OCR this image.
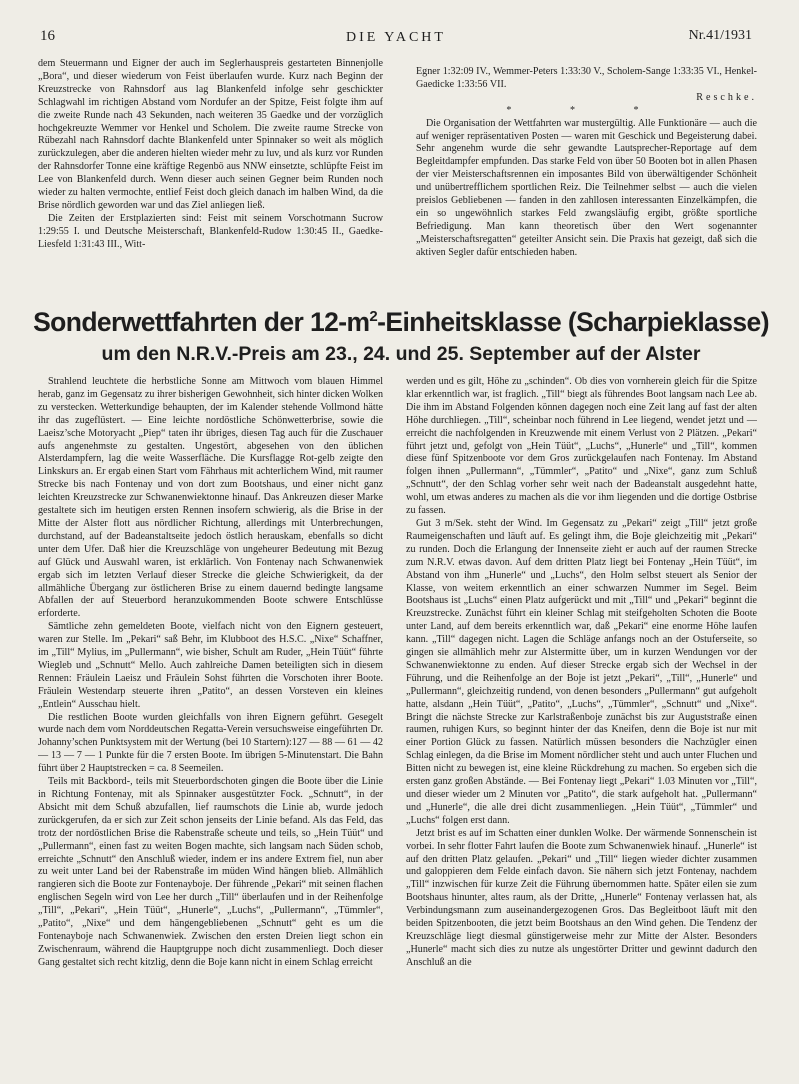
16	DIE YACHT	Nr.41/1931

dem Steuermann und Eigner der auch im Seglerhauspreis gestarteten Binnenjolle „Bora“, und dieser wiederum von Feist überlaufen wurde. Kurz nach Beginn der Kreuzstrecke von Rahnsdorf aus lag Blankenfeld infolge sehr geschickter Schlagwahl im richtigen Abstand vom Nordufer an der Spitze, Feist folgte ihm auf die zweite Runde nach 43 Sekunden, nach weiteren 35 Gaedke und der vorzüglich hochgekreuzte Wemmer vor Henkel und Scholem. Die zweite raume Strecke von Rübezahl nach Rahnsdorf dachte Blankenfeld unter Spinnaker so weit als möglich zurückzulegen, aber die anderen hielten wieder mehr zu luv, und als kurz vor Runden der Rahnsdorfer Tonne eine kräftige Regenbö aus NNW einsetzte, schlüpfte Feist im Lee von Blankenfeld durch. Wenn dieser auch seinen Gegner beim Runden noch wieder zu halten vermochte, entlief Feist doch gleich danach im halben Wind, da die Brise nördlich geworden war und das Ziel anliegen ließ.

Die Zeiten der Erstplazierten sind: Feist mit seinem Vorschotmann Sucrow 1:29:55 I. und Deutsche Meisterschaft, Blankenfeld-Rudow 1:30:45 II., Gaedke-Liesfeld 1:31:43 III., Witt-

Egner 1:32:09 IV., Wemmer-Peters 1:33:30 V., Scholem-Sange 1:33:35 VI., Henkel-Gaedicke 1:33:56 VII.

Reschke.

* * *

Die Organisation der Wettfahrten war mustergültig. Alle Funktionäre — auch die auf weniger repräsentativen Posten — waren mit Geschick und Begeisterung dabei. Sehr angenehm wurde die sehr gewandte Lautsprecher-Reportage auf dem Begleitdampfer empfunden. Das starke Feld von über 50 Booten bot in allen Phasen der vier Meisterschaftsrennen ein imposantes Bild von überwältigender Schönheit und unübertrefflichem sportlichen Reiz. Die Teilnehmer selbst — auch die vielen preislos Gebliebenen — fanden in den zahllosen interessanten Einzelkämpfen, die ein so ungewöhnlich starkes Feld zwangsläufig ergibt, größte sportliche Befriedigung. Man kann theoretisch über den Wert sogenannter „Meisterschaftsregatten“ geteilter Ansicht sein. Die Praxis hat gezeigt, daß sich die aktiven Segler dafür entschieden haben.

Sonderwettfahrten der $12-m^2$-Einheitsklasse (Scharpieklasse)
um den N.R.V.-Preis am 23., 24. und 25. September auf der Alster

Strahlend leuchtete die herbstliche Sonne am Mittwoch vom blauen Himmel herab, ganz im Gegensatz zu ihrer bisherigen Gewohnheit, sich hinter dicken Wolken zu verstecken. Wetterkundige behaupten, der im Kalender stehende Vollmond hätte ihr das zugeflüstert. — Eine leichte nordöstliche Schönwetterbrise, sowie die Laeisz’sche Motoryacht „Piep“ taten ihr übriges, diesen Tag auch für die Zuschauer aufs angenehmste zu gestalten. Ungestört, abgesehen von den üblichen Alsterdampfern, lag die weite Wasserfläche. Die Kursflagge Rot-gelb zeigte den Linkskurs an. Er ergab einen Start vom Fährhaus mit achterlichem Wind, mit raumer Strecke bis nach Fontenay und von dort zum Bootshaus, und einer nicht ganz leichten Kreuzstrecke zur Schwanenwiektonne hinauf. Das Ankreuzen dieser Marke gestaltete sich im heutigen ersten Rennen insofern schwierig, als die Brise in der Mitte der Alster flott aus nördlicher Richtung, allerdings mit Unterbrechungen, durchstand, auf der Badeanstaltseite jedoch östlich herauskam, ebenfalls so dicht unter dem Ufer. Daß hier die Kreuzschläge von ungeheurer Bedeutung mit Bezug auf Glück und Auswahl waren, ist erklärlich. Von Fontenay nach Schwanenwiek ergab sich im letzten Verlauf dieser Strecke die gleiche Schwierigkeit, da der allmähliche Übergang zur östlicheren Brise zu einem dauernd bedingte langsame Abfallen der auf Steuerbord heranzukommenden Boote schwere Entschlüsse erforderte.

Sämtliche zehn gemeldeten Boote, vielfach nicht von den Eignern gesteuert, waren zur Stelle. Im „Pekari“ saß Behr, im Klubboot des H.S.C. „Nixe“ Schaffner, im „Till“ Mylius, im „Pullermann“, wie bisher, Schult am Ruder, „Hein Tüüt“ führte Wiegleb und „Schnutt“ Mello. Auch zahlreiche Damen beteiligten sich in diesem Rennen: Fräulein Laeisz und Fräulein Sohst führten die Vorschoten ihrer Boote. Fräulein Westendarp steuerte ihren „Patito“, an dessen Vorsteven ein kleines „Entlein“ Ausschau hielt.

Die restlichen Boote wurden gleichfalls von ihren Eignern geführt. Gesegelt wurde nach dem vom Norddeutschen Regatta-Verein versuchsweise eingeführten Dr. Johanny’schen Punktsystem mit der Wertung (bei 10 Startern):127 — 88 — 61 — 42 — 13 — 7 — 1 Punkte für die 7 ersten Boote. Im übrigen 5-Minutenstart. Die Bahn führt über 2 Hauptstrecken = ca. 8 Seemeilen.

Teils mit Backbord-, teils mit Steuerbordschoten gingen die Boote über die Linie in Richtung Fontenay, mit als Spinnaker ausgestützter Fock. „Schnutt“, in der Absicht mit dem Schuß abzufallen, lief raumschots die Linie ab, wurde jedoch zurückgerufen, da er sich zur Zeit schon jenseits der Linie befand. Als das Feld, das trotz der nordöstlichen Brise die Rabenstraße scheute und teils, so „Hein Tüüt“ und „Pullermann“, einen fast zu weiten Bogen machte, sich langsam nach Süden schob, erreichte „Schnutt“ den Anschluß wieder, indem er ins andere Extrem fiel, nun aber zu weit unter Land bei der Rabenstraße im müden Wind hängen blieb. Allmählich rangieren sich die Boote zur Fontenayboje. Der führende „Pekari“ mit seinen flachen englischen Segeln wird von Lee her durch „Till“ überlaufen und in der Reihenfolge „Till“, „Pekari“, „Hein Tüüt“, „Hunerle“, „Luchs“, „Pullermann“, „Tümmler“, „Patito“, „Nixe“ und dem hängengebliebenen „Schnutt“ geht es um die Fontenayboje nach Schwanenwiek. Zwischen den ersten Dreien liegt schon ein Zwischenraum, während die Hauptgruppe noch dicht zusammenliegt. Doch dieser Gang gestaltet sich recht kitzlig, denn die Boje kann nicht in einem Schlag erreicht

werden und es gilt, Höhe zu „schinden“. Ob dies von vornherein gleich für die Spitze klar erkenntlich war, ist fraglich. „Till“ biegt als führendes Boot langsam nach Lee ab. Die ihm im Abstand Folgenden können dagegen noch eine Zeit lang auf fast der alten Höhe durchliegen. „Till“, scheinbar noch führend in Lee liegend, wendet jetzt und — erreicht die nachfolgenden in Kreuzwende mit einem Verlust von 2 Plätzen. „Pekari“ führt jetzt und, gefolgt von „Hein Tüüt“, „Luchs“, „Hunerle“ und „Till“, kommen diese fünf Spitzenboote vor dem Gros zurückgelaufen nach Fontenay. Im Abstand folgen ihnen „Pullermann“, „Tümmler“, „Patito“ und „Nixe“, ganz zum Schluß „Schnutt“, der den Schlag vorher sehr weit nach der Badeanstalt ausgedehnt hatte, wohl, um etwas anderes zu machen als die vor ihm liegenden und die dortige Ostbrise zu fassen.

Gut 3 m/Sek. steht der Wind. Im Gegensatz zu „Pekari“ zeigt „Till“ jetzt große Raumeigenschaften und läuft auf. Es gelingt ihm, die Boje gleichzeitig mit „Pekari“ zu runden. Doch die Erlangung der Innenseite zieht er auch auf der raumen Strecke zum N.R.V. etwas davon. Auf dem dritten Platz liegt bei Fontenay „Hein Tüüt“, im Abstand von ihm „Hunerle“ und „Luchs“, den Holm selbst steuert als Senior der Klasse, von weitem erkenntlich an einer schwarzen Nummer im Segel. Beim Bootshaus ist „Luchs“ einen Platz aufgerückt und mit „Till“ und „Pekari“ beginnt die Kreuzstrecke. Zunächst führt ein kleiner Schlag mit steifgeholten Schoten die Boote unter Land, auf dem bereits erkenntlich war, daß „Pekari“ eine enorme Höhe laufen kann. „Till“ dagegen nicht. Lagen die Schläge anfangs noch an der Ostuferseite, so gingen sie allmählich mehr zur Alstermitte über, um in kurzen Wendungen vor der Schwanenwiektonne zu enden. Auf dieser Strecke ergab sich der Wechsel in der Führung, und die Reihenfolge an der Boje ist jetzt „Pekari“, „Till“, „Hunerle“ und „Pullermann“, gleichzeitig rundend, von denen besonders „Pullermann“ gut aufgeholt hatte, alsdann „Hein Tüüt“, „Patito“, „Luchs“, „Tümmler“, „Schnutt“ und „Nixe“. Bringt die nächste Strecke zur Karlstraßenboje zunächst bis zur Auguststraße einen raumen, ruhigen Kurs, so beginnt hinter der das Kneifen, denn die Boje ist nur mit einer Portion Glück zu fassen. Natürlich müssen besonders die Nachzügler einen Schlag einlegen, da die Brise im Moment nördlicher steht und auch unter Fluchen und Bitten nicht zu bewegen ist, eine kleine Rückdrehung zu machen. So ergeben sich die ersten ganz großen Abstände. — Bei Fontenay liegt „Pekari“ 1.03 Minuten vor „Till“, und dieser wieder um 2 Minuten vor „Patito“, die stark aufgeholt hat. „Pullermann“ und „Hunerle“, die alle drei dicht zusammenliegen. „Hein Tüüt“, „Tümmler“ und „Luchs“ folgen erst dann.

Jetzt brist es auf im Schatten einer dunklen Wolke. Der wärmende Sonnenschein ist vorbei. In sehr flotter Fahrt laufen die Boote zum Schwanenwiek hinauf. „Hunerle“ ist auf den dritten Platz gelaufen. „Pekari“ und „Till“ liegen wieder dichter zusammen und galoppieren dem Felde einfach davon. Sie nähern sich jetzt Fontenay, nachdem „Till“ inzwischen für kurze Zeit die Führung übernommen hatte. Später eilen sie zum Bootshaus hinunter, altes raum, als der Dritte, „Hunerle“ Fontenay verlassen hat, als Verbindungsmann zum auseinandergezogenen Gros. Das Begleitboot läuft mit den beiden Spitzenbooten, die jetzt beim Bootshaus an den Wind gehen. Die Tendenz der Kreuzschläge liegt diesmal günstigerweise mehr zur Mitte der Alster. Besonders „Hunerle“ macht sich dies zu nutze als ungestörter Dritter und gewinnt dadurch den Anschluß an die
